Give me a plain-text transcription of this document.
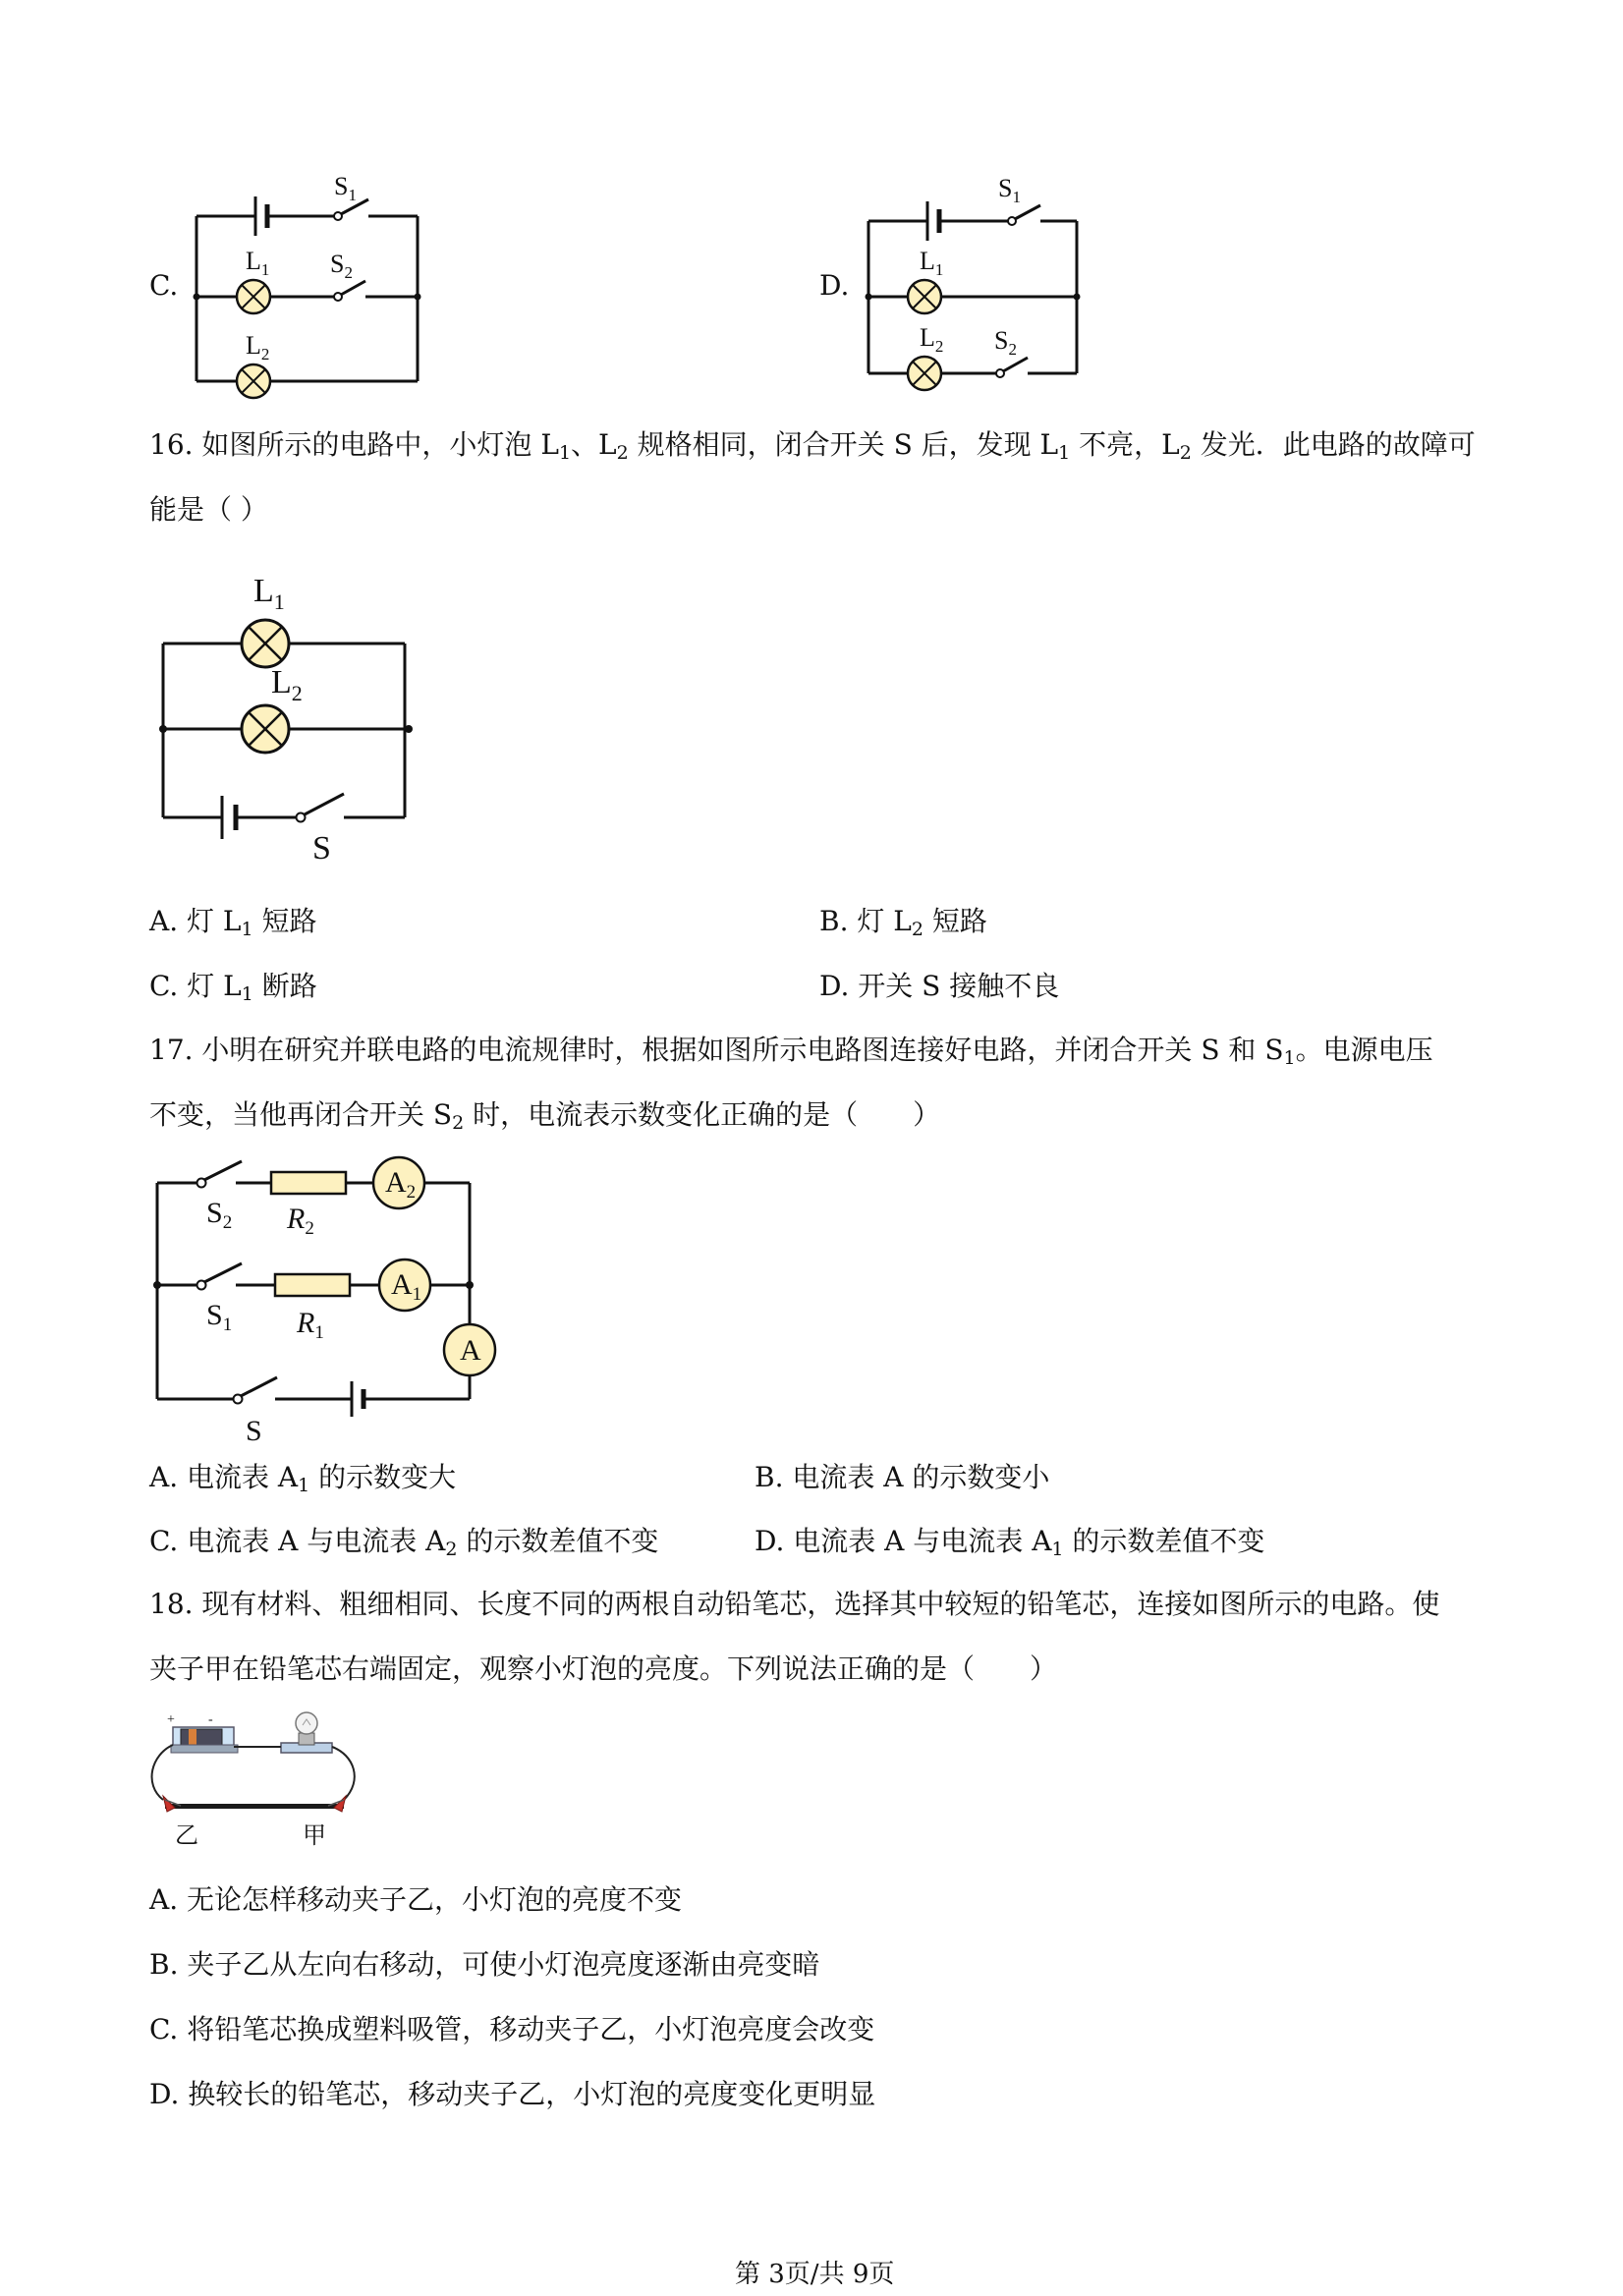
C.
$S_1$
$S_2$
$L_1$
$L_2$
D.
$S_1$
$S_2$
$L_1$
$L_2$
16. 如图所示的电路中，小灯泡 $L_1$、$L_2$ 规格相同，闭合开关 S 后，发现 $L_1$ 不亮，$L_2$ 发光．此电路的故障可
能是（ ）
$L_1$
$L_2$
S
A. 灯 $L_1$ 短路	B. 灯 $L_2$ 短路
C. 灯 $L_1$ 断路	D. 开关 S 接触不良
17. 小明在研究并联电路的电流规律时，根据如图所示电路图连接好电路，并闭合开关 S 和 $S_1$。电源电压
不变，当他再闭合开关 $S_2$ 时，电流表示数变化正确的是（　　）
$A_2$
$A_1$
A
$S_2$
$S_1$
$R_2$
$R_1$
S
A. 电流表 $A_1$ 的示数变大	B. 电流表 A 的示数变小
C. 电流表 A 与电流表 $A_2$ 的示数差值不变	D. 电流表 A 与电流表 $A_1$ 的示数差值不变
18. 现有材料、粗细相同、长度不同的两根自动铅笔芯，选择其中较短的铅笔芯，连接如图所示的电路。使
夹子甲在铅笔芯右端固定，观察小灯泡的亮度。下列说法正确的是（　　）
+ -
乙	甲
A. 无论怎样移动夹子乙，小灯泡的亮度不变
B. 夹子乙从左向右移动，可使小灯泡亮度逐渐由亮变暗
C. 将铅笔芯换成塑料吸管，移动夹子乙，小灯泡亮度会改变
D. 换较长的铅笔芯，移动夹子乙，小灯泡的亮度变化更明显
第 3页/共 9页
